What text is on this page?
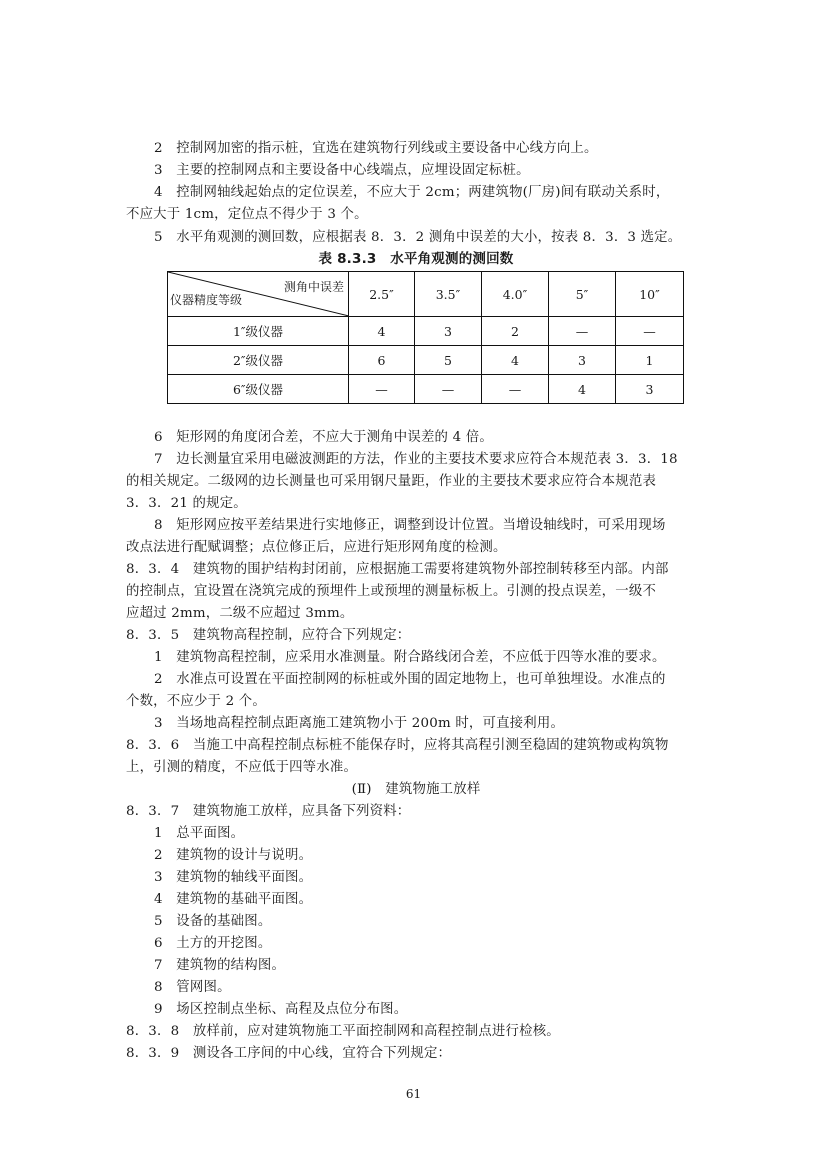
2　控制网加密的指示桩，宜选在建筑物行列线或主要设备中心线方向上。
3　主要的控制网点和主要设备中心线端点，应埋设固定标桩。
4　控制网轴线起始点的定位误差，不应大于 2cm；两建筑物(厂房)间有联动关系时，
不应大于 1cm，定位点不得少于 3 个。
5　水平角观测的测回数，应根据表 8．3．2 测角中误差的大小，按表 8．3．3 选定。
表 8.3.3　水平角观测的测回数
测角中误差
仪器精度等级	2.5″	3.5″	4.0″	5″	10″
1″级仪器	4	3	2	—	—
2″级仪器	6	5	4	3	1
6″级仪器	—	—	—	4	3
6　矩形网的角度闭合差，不应大于测角中误差的 4 倍。
7　边长测量宜采用电磁波测距的方法，作业的主要技术要求应符合本规范表 3．3．18
的相关规定。二级网的边长测量也可采用钢尺量距，作业的主要技术要求应符合本规范表
3．3．21 的规定。
8　矩形网应按平差结果进行实地修正，调整到设计位置。当增设轴线时，可采用现场
改点法进行配赋调整；点位修正后，应进行矩形网角度的检测。
8．3．4　建筑物的围护结构封闭前，应根据施工需要将建筑物外部控制转移至内部。内部
的控制点，宜设置在浇筑完成的预埋件上或预埋的测量标板上。引测的投点误差，一级不
应超过 2mm，二级不应超过 3mm。
8．3．5　建筑物高程控制，应符合下列规定：
1　建筑物高程控制，应采用水准测量。附合路线闭合差，不应低于四等水准的要求。
2　水准点可设置在平面控制网的标桩或外围的固定地物上，也可单独埋设。水准点的
个数，不应少于 2 个。
3　当场地高程控制点距离施工建筑物小于 200m 时，可直接利用。
8．3．6　当施工中高程控制点标桩不能保存时，应将其高程引测至稳固的建筑物或构筑物
上，引测的精度，不应低于四等水准。
(Ⅱ)　建筑物施工放样
8．3．7　建筑物施工放样，应具备下列资料：
1　总平面图。
2　建筑物的设计与说明。
3　建筑物的轴线平面图。
4　建筑物的基础平面图。
5　设备的基础图。
6　土方的开挖图。
7　建筑物的结构图。
8　管网图。
9　场区控制点坐标、高程及点位分布图。
8．3．8　放样前，应对建筑物施工平面控制网和高程控制点进行检核。
8．3．9　测设各工序间的中心线，宜符合下列规定：
61
